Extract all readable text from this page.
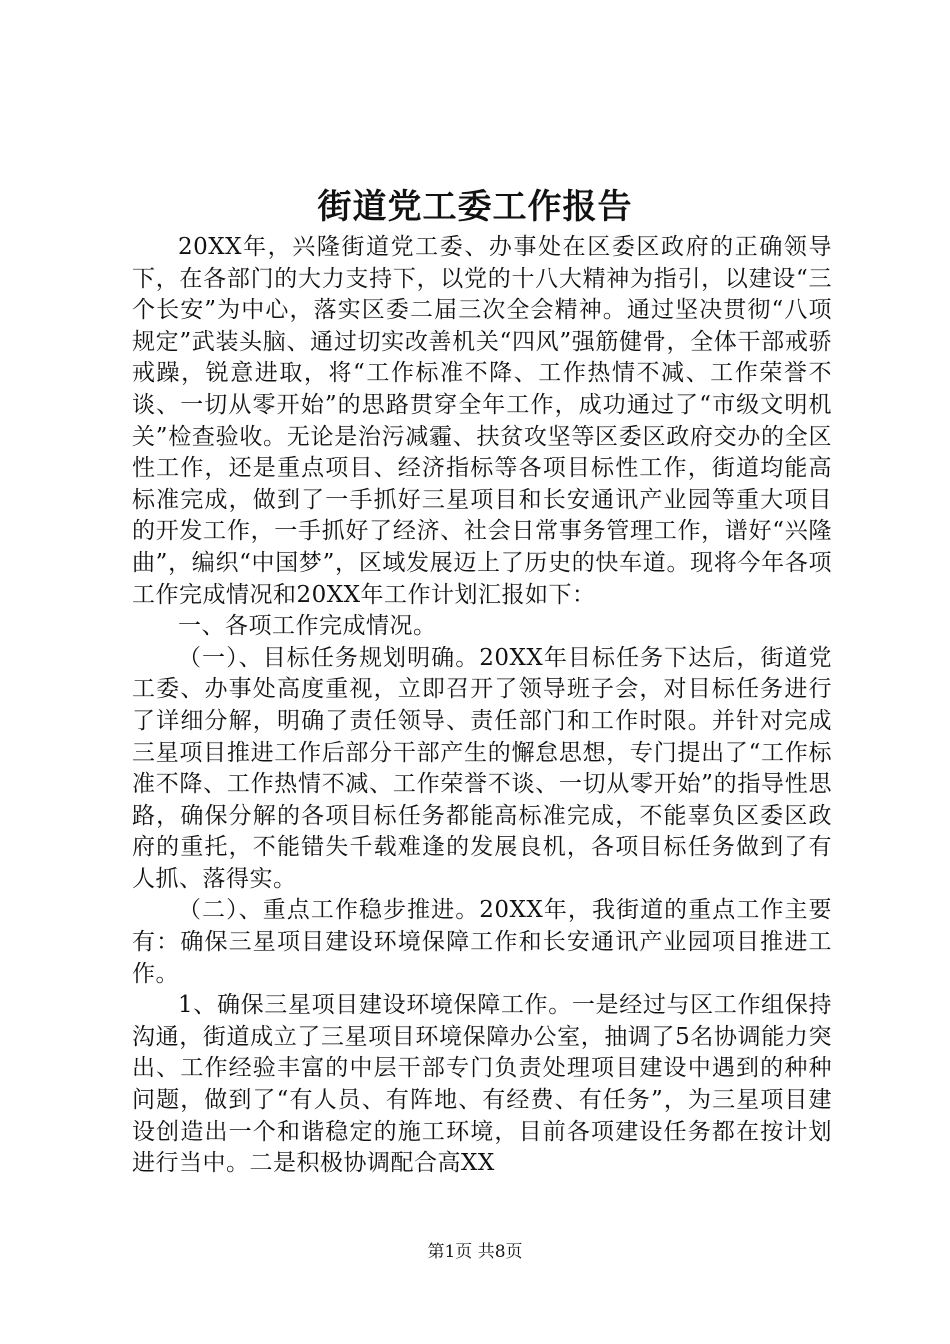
街道党工委工作报告

20XX年，兴隆街道党工委、办事处在区委区政府的正确领导下，在各部门的大力支持下，以党的十八大精神为指引，以建设“三个长安”为中心，落实区委二届三次全会精神。通过坚决贯彻“八项规定”武装头脑、通过切实改善机关“四风”强筋健骨，全体干部戒骄戒躁，锐意进取，将“工作标准不降、工作热情不减、工作荣誉不谈、一切从零开始”的思路贯穿全年工作，成功通过了“市级文明机关”检查验收。无论是治污减霾、扶贫攻坚等区委区政府交办的全区性工作，还是重点项目、经济指标等各项目标性工作，街道均能高标准完成，做到了一手抓好三星项目和长安通讯产业园等重大项目的开发工作，一手抓好了经济、社会日常事务管理工作，谱好“兴隆曲”，编织“中国梦”，区域发展迈上了历史的快车道。现将今年各项工作完成情况和20XX年工作计划汇报如下：

一、各项工作完成情况。

（一）、目标任务规划明确。20XX年目标任务下达后，街道党工委、办事处高度重视，立即召开了领导班子会，对目标任务进行了详细分解，明确了责任领导、责任部门和工作时限。并针对完成三星项目推进工作后部分干部产生的懈怠思想，专门提出了“工作标准不降、工作热情不减、工作荣誉不谈、一切从零开始”的指导性思路，确保分解的各项目标任务都能高标准完成，不能辜负区委区政府的重托，不能错失千载难逢的发展良机，各项目标任务做到了有人抓、落得实。

（二）、重点工作稳步推进。20XX年，我街道的重点工作主要有：确保三星项目建设环境保障工作和长安通讯产业园项目推进工作。

1、确保三星项目建设环境保障工作。一是经过与区工作组保持沟通，街道成立了三星项目环境保障办公室，抽调了5名协调能力突出、工作经验丰富的中层干部专门负责处理项目建设中遇到的种种问题，做到了“有人员、有阵地、有经费、有任务”，为三星项目建设创造出一个和谐稳定的施工环境，目前各项建设任务都在按计划进行当中。二是积极协调配合高XX

第1页 共8页
